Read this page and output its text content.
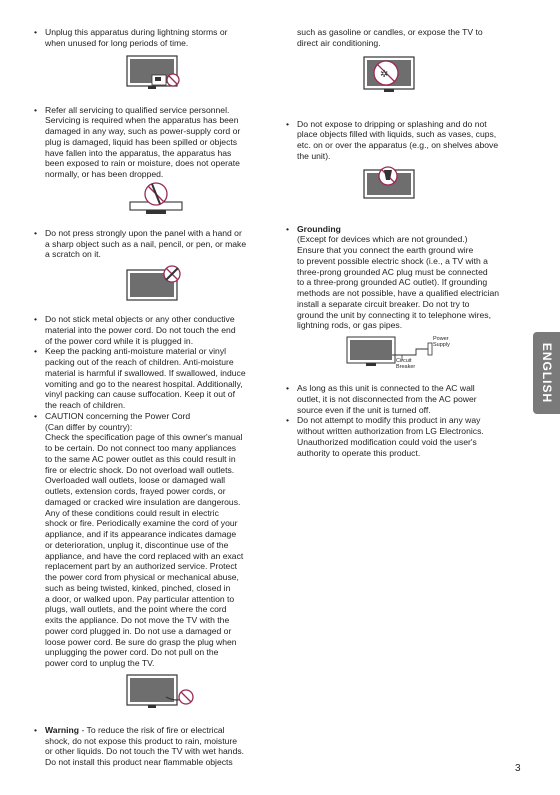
• Unplug this apparatus during lightning storms or
when unused for long periods of time.
• Refer all servicing to qualified service personnel.
Servicing is required when the apparatus has been
damaged in any way, such as power-supply cord or
plug is damaged, liquid has been spilled or objects
have fallen into the apparatus, the apparatus has
been exposed to rain or moisture, does not operate
normally, or has been dropped.
• Do not press strongly upon the panel with a hand or
a sharp object such as a nail, pencil, or pen, or make
a scratch on it.
• Do not stick metal objects or any other conductive
material into the power cord. Do not touch the end
of the power cord while it is plugged in.
• Keep the packing anti-moisture material or vinyl
packing out of the reach of children. Anti-moisture
material is harmful if swallowed. If swallowed, induce
vomiting and go to the nearest hospital. Additionally,
vinyl packing can cause suffocation. Keep it out of
the reach of children.
• CAUTION concerning the Power Cord
(Can differ by country):
Check the specification page of this owner's manual
to be certain. Do not connect too many appliances
to the same AC power outlet as this could result in
fire or electric shock. Do not overload wall outlets.
Overloaded wall outlets, loose or damaged wall
outlets, extension cords, frayed power cords, or
damaged or cracked wire insulation are dangerous.
Any of these conditions could result in electric
shock or fire. Periodically examine the cord of your
appliance, and if its appearance indicates damage
or deterioration, unplug it, discontinue use of the
appliance, and have the cord replaced with an exact
replacement part by an authorized service. Protect
the power cord from physical or mechanical abuse,
such as being twisted, kinked, pinched, closed in
a door, or walked upon. Pay particular attention to
plugs, wall outlets, and the point where the cord
exits the appliance. Do not move the TV with the
power cord plugged in. Do not use a damaged or
loose power cord. Be sure do grasp the plug when
unplugging the power cord. Do not pull on the
power cord to unplug the TV.
• Warning - To reduce the risk of fire or electrical
shock, do not expose this product to rain, moisture
or other liquids. Do not touch the TV with wet hands.
Do not install this product near flammable objects
such as gasoline or candles, or expose the TV to
direct air conditioning.
✲
• Do not expose to dripping or splashing and do not
place objects filled with liquids, such as vases, cups,
etc. on or over the apparatus (e.g., on shelves above
the unit).
• Grounding
(Except for devices which are not grounded.)
Ensure that you connect the earth ground wire
to prevent possible electric shock (i.e., a TV with a
three-prong grounded AC plug must be connected
to a three-prong grounded AC outlet). If grounding
methods are not possible, have a qualified electrician
install a separate circuit breaker. Do not try to
ground the unit by connecting it to telephone wires,
lightning rods, or gas pipes.
Power
Supply
Circuit
Breaker
• As long as this unit is connected to the AC wall
outlet, it is not disconnected from the AC power
source even if the unit is turned off.
• Do not attempt to modify this product in any way
without written authorization from LG Electronics.
Unauthorized modification could void the user's
authority to operate this product.
ENGLISH
3
